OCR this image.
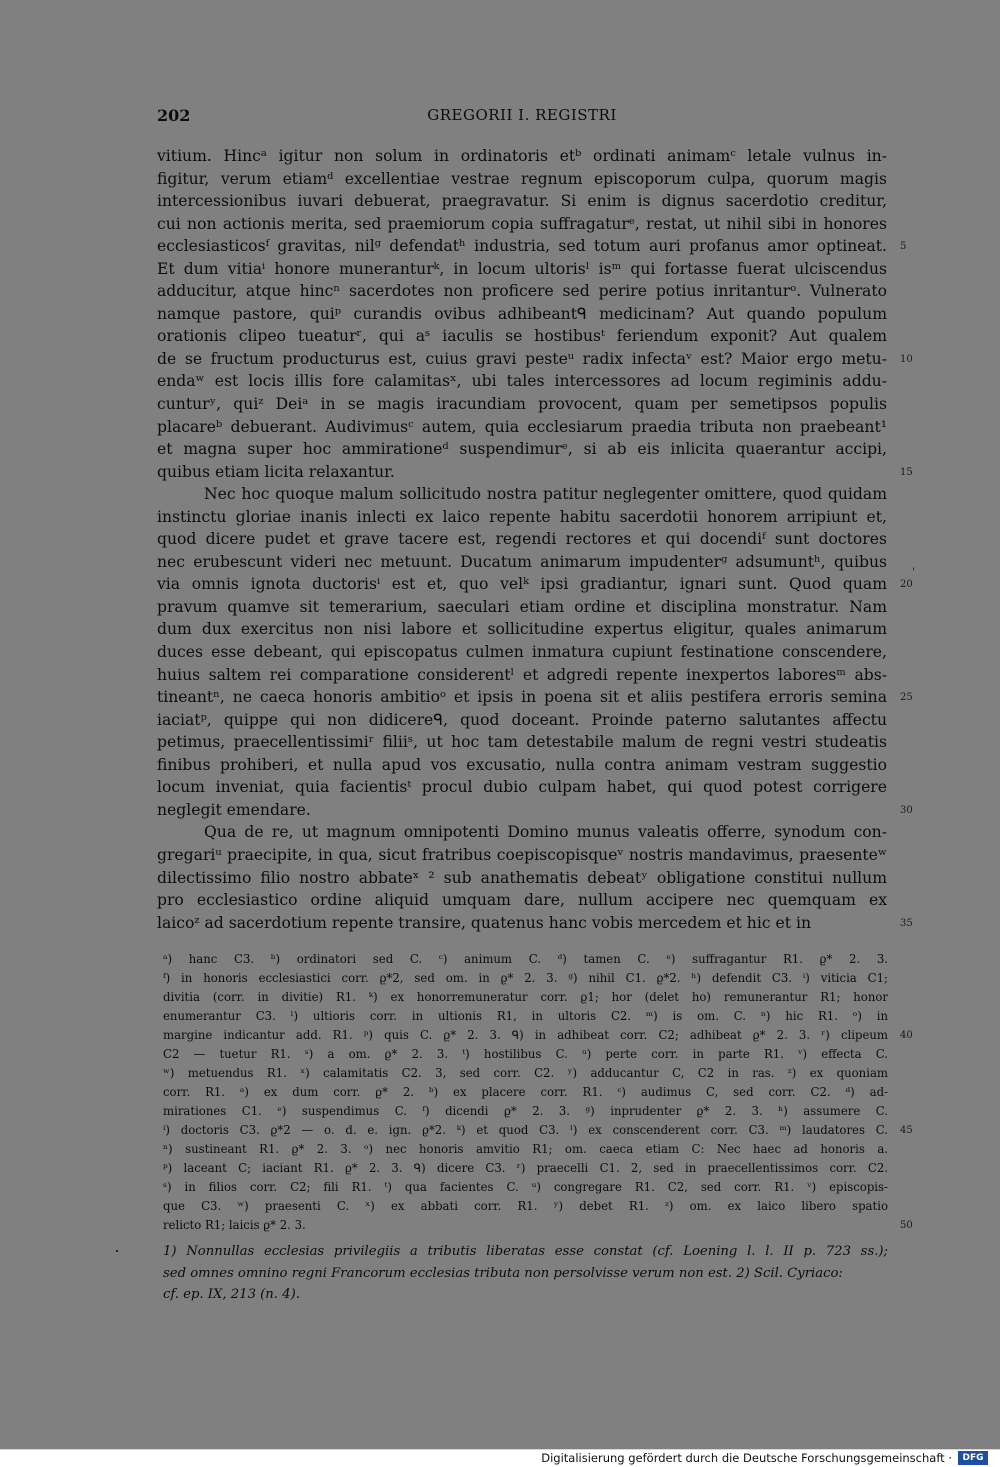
202	GREGORII I. REGISTRI
vitium. Hincᵃ igitur non solum in ordinatoris etᵇ ordinati animamᶜ letale vulnus in-
figitur, verum etiamᵈ excellentiae vestrae regnum episcoporum culpa, quorum magis
intercessionibus iuvari debuerat, praegravatur. Si enim is dignus sacerdotio creditur,
cui non actionis merita, sed praemiorum copia suffragaturᵉ, restat, ut nihil sibi in honores
ecclesiasticosᶠ gravitas, nilᵍ defendatʰ industria, sed totum auri profanus amor optineat.
Et dum vitiaⁱ honore muneranturᵏ, in locum ultorisˡ isᵐ qui fortasse fuerat ulciscendus
adducitur, atque hincⁿ sacerdotes non proficere sed perire potius inritanturᵒ. Vulnerato
namque pastore, quiᵖ curandis ovibus adhibeantᑫ medicinam? Aut quando populum
orationis clipeo tueaturʳ, qui aˢ iaculis se hostibusᵗ feriendum exponit? Aut qualem
de se fructum producturus est, cuius gravi pesteᵘ radix infectaᵛ est? Maior ergo metu-
endaʷ est locis illis fore calamitasˣ, ubi tales intercessores ad locum regiminis addu-
cunturʸ, quiᶻ Deiᵃ in se magis iracundiam provocent, quam per semetipsos populis
placareᵇ debuerant. Audivimusᶜ autem, quia ecclesiarum praedia tributa non praebeant¹
et magna super hoc ammirationeᵈ suspendimurᵉ, si ab eis inlicita quaerantur accipi,
quibus etiam licita relaxantur.
Nec hoc quoque malum sollicitudo nostra patitur neglegenter omittere, quod quidam
instinctu gloriae inanis inlecti ex laico repente habitu sacerdotii honorem arripiunt et,
quod dicere pudet et grave tacere est, regendi rectores et qui docendiᶠ sunt doctores
nec erubescunt videri nec metuunt. Ducatum animarum impudenterᵍ adsumuntʰ, quibus
via omnis ignota ductorisⁱ est et, quo velᵏ ipsi gradiantur, ignari sunt. Quod quam
pravum quamve sit temerarium, saeculari etiam ordine et disciplina monstratur. Nam
dum dux exercitus non nisi labore et sollicitudine expertus eligitur, quales animarum
duces esse debeant, qui episcopatus culmen inmatura cupiunt festinatione conscendere,
huius saltem rei comparatione considerentˡ et adgredi repente inexpertos laboresᵐ abs-
tineantⁿ, ne caeca honoris ambitioᵒ et ipsis in poena sit et aliis pestifera erroris semina
iaciatᵖ, quippe qui non didicereᑫ, quod doceant. Proinde paterno salutantes affectu
petimus, praecellentissimiʳ filiiˢ, ut hoc tam detestabile malum de regni vestri studeatis
finibus prohiberi, et nulla apud vos excusatio, nulla contra animam vestram suggestio
locum inveniat, quia facientisᵗ procul dubio culpam habet, qui quod potest corrigere
neglegit emendare.
Qua de re, ut magnum omnipotenti Domino munus valeatis offerre, synodum con-
gregariᵘ praecipite, in qua, sicut fratribus coepiscopisqueᵛ nostris mandavimus, praesenteʷ
dilectissimo filio nostro abbateˣ ² sub anathematis debeatʸ obligatione constitui nullum
pro ecclesiastico ordine aliquid umquam dare, nullum accipere nec quemquam ex
laicoᶻ ad sacerdotium repente transire, quatenus hanc vobis mercedem et hic et in
5
10
15
20
25
30
35
40
45
50
'
ᵃ) hanc C3. ᵇ) ordinatori sed C. ᶜ) animum C. ᵈ) tamen C. ᵉ) suffragantur R1. ϱ* 2. 3.
ᶠ) in honoris ecclesiastici corr. ϱ*2, sed om. in ϱ* 2. 3. ᵍ) nihil C1. ϱ*2. ʰ) defendit C3. ⁱ) viticia C1;
divitia (corr. in divitie) R1. ᵏ) ex honorremuneratur corr. ϱ1; hor (delet ho) remunerantur R1; honor
enumerantur C3. ˡ) ultioris corr. in ultionis R1, in ultoris C2. ᵐ) is om. C. ⁿ) hic R1. ᵒ) in
margine indicantur add. R1. ᵖ) quis C. ϱ* 2. 3. ᑫ) in adhibeat corr. C2; adhibeat ϱ* 2. 3. ʳ) clipeum
C2 — tuetur R1. ˢ) a om. ϱ* 2. 3. ᵗ) hostilibus C. ᵘ) perte corr. in parte R1. ᵛ) effecta C.
ʷ) metuendus R1. ˣ) calamitatis C2. 3, sed corr. C2. ʸ) adducantur C, C2 in ras. ᶻ) ex quoniam
corr. R1. ᵃ) ex dum corr. ϱ* 2. ᵇ) ex placere corr. R1. ᶜ) audimus C, sed corr. C2. ᵈ) ad-
mirationes C1. ᵉ) suspendimus C. ᶠ) dicendi ϱ* 2. 3. ᵍ) inprudenter ϱ* 2. 3. ʰ) assumere C.
ⁱ) doctoris C3. ϱ*2 — o. d. e. ign. ϱ*2. ᵏ) et quod C3. ˡ) ex conscenderent corr. C3. ᵐ) laudatores C.
ⁿ) sustineant R1. ϱ* 2. 3. ᵒ) nec honoris amvitio R1; om. caeca etiam C: Nec haec ad honoris a.
ᵖ) laceant C; iaciant R1. ϱ* 2. 3. ᑫ) dicere C3. ʳ) praecelli C1. 2, sed in praecellentissimos corr. C2.
ˢ) in filios corr. C2; fili R1. ᵗ) qua facientes C. ᵘ) congregare R1. C2, sed corr. R1. ᵛ) episcopis-
que C3. ʷ) praesenti C. ˣ) ex abbati corr. R1. ʸ) debet R1. ᶻ) om. ex laico libero spatio
relicto R1; laicis ϱ* 2. 3.
1) Nonnullas ecclesias privilegiis a tributis liberatas esse constat (cf. Loening l. l. II p. 723 ss.);
sed omnes omnino regni Francorum ecclesias tributa non persolvisse verum non est. 2) Scil. Cyriaco:
cf. ep. IX, 213 (n. 4).
Digitalisierung gefördert durch die Deutsche Forschungsgemeinschaft ·	DFG
